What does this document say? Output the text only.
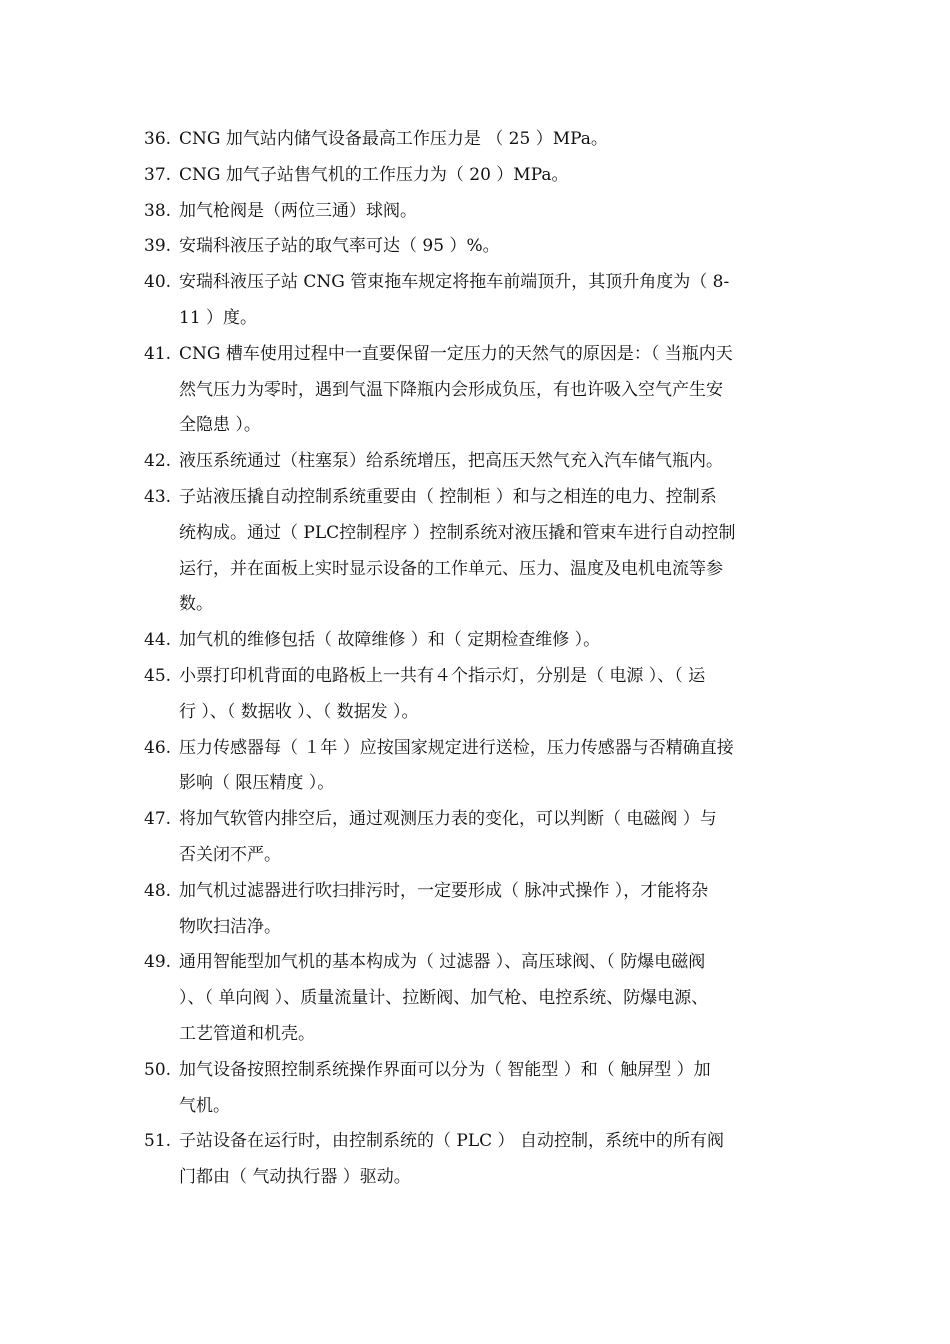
36. CNG 加气站内储气设备最高工作压力是 （ 25 ）MPa。
37. CNG 加气子站售气机的工作压力为（ 20 ）MPa。
38. 加气枪阀是（两位三通）球阀。
39. 安瑞科液压子站的取气率可达（ 95 ）%。
40. 安瑞科液压子站 CNG 管束拖车规定将拖车前端顶升，其顶升角度为（ 8-
11 ）度。
41. CNG 槽车使用过程中一直要保留一定压力的天然气的原因是：（ 当瓶内天
然气压力为零时，遇到气温下降瓶内会形成负压，有也许吸入空气产生安
全隐患 ）。
42. 液压系统通过（柱塞泵）给系统增压，把高压天然气充入汽车储气瓶内。
43. 子站液压撬自动控制系统重要由（ 控制柜 ）和与之相连的电力、控制系
统构成。通过（ PLC控制程序 ）控制系统对液压撬和管束车进行自动控制
运行，并在面板上实时显示设备的工作单元、压力、温度及电机电流等参
数。
44. 加气机的维修包括（ 故障维修 ）和（ 定期检查维修 ）。
45. 小票打印机背面的电路板上一共有４个指示灯，分别是（ 电源 ）、（ 运
行 ）、（ 数据收 ）、（ 数据发 ）。
46. 压力传感器每（ １年 ）应按国家规定进行送检，压力传感器与否精确直接
影响（ 限压精度 ）。
47. 将加气软管内排空后，通过观测压力表的变化，可以判断（ 电磁阀 ）与
否关闭不严。
48. 加气机过滤器进行吹扫排污时，一定要形成（ 脉冲式操作 ），才能将杂
物吹扫洁净。
49. 通用智能型加气机的基本构成为（ 过滤器 ）、高压球阀、（ 防爆电磁阀
）、（ 单向阀 ）、质量流量计、拉断阀、加气枪、电控系统、防爆电源、
工艺管道和机壳。
50. 加气设备按照控制系统操作界面可以分为（ 智能型 ）和（ 触屏型 ）加
气机。
51. 子站设备在运行时，由控制系统的（ PLC ） 自动控制，系统中的所有阀
门都由（ 气动执行器 ）驱动。
